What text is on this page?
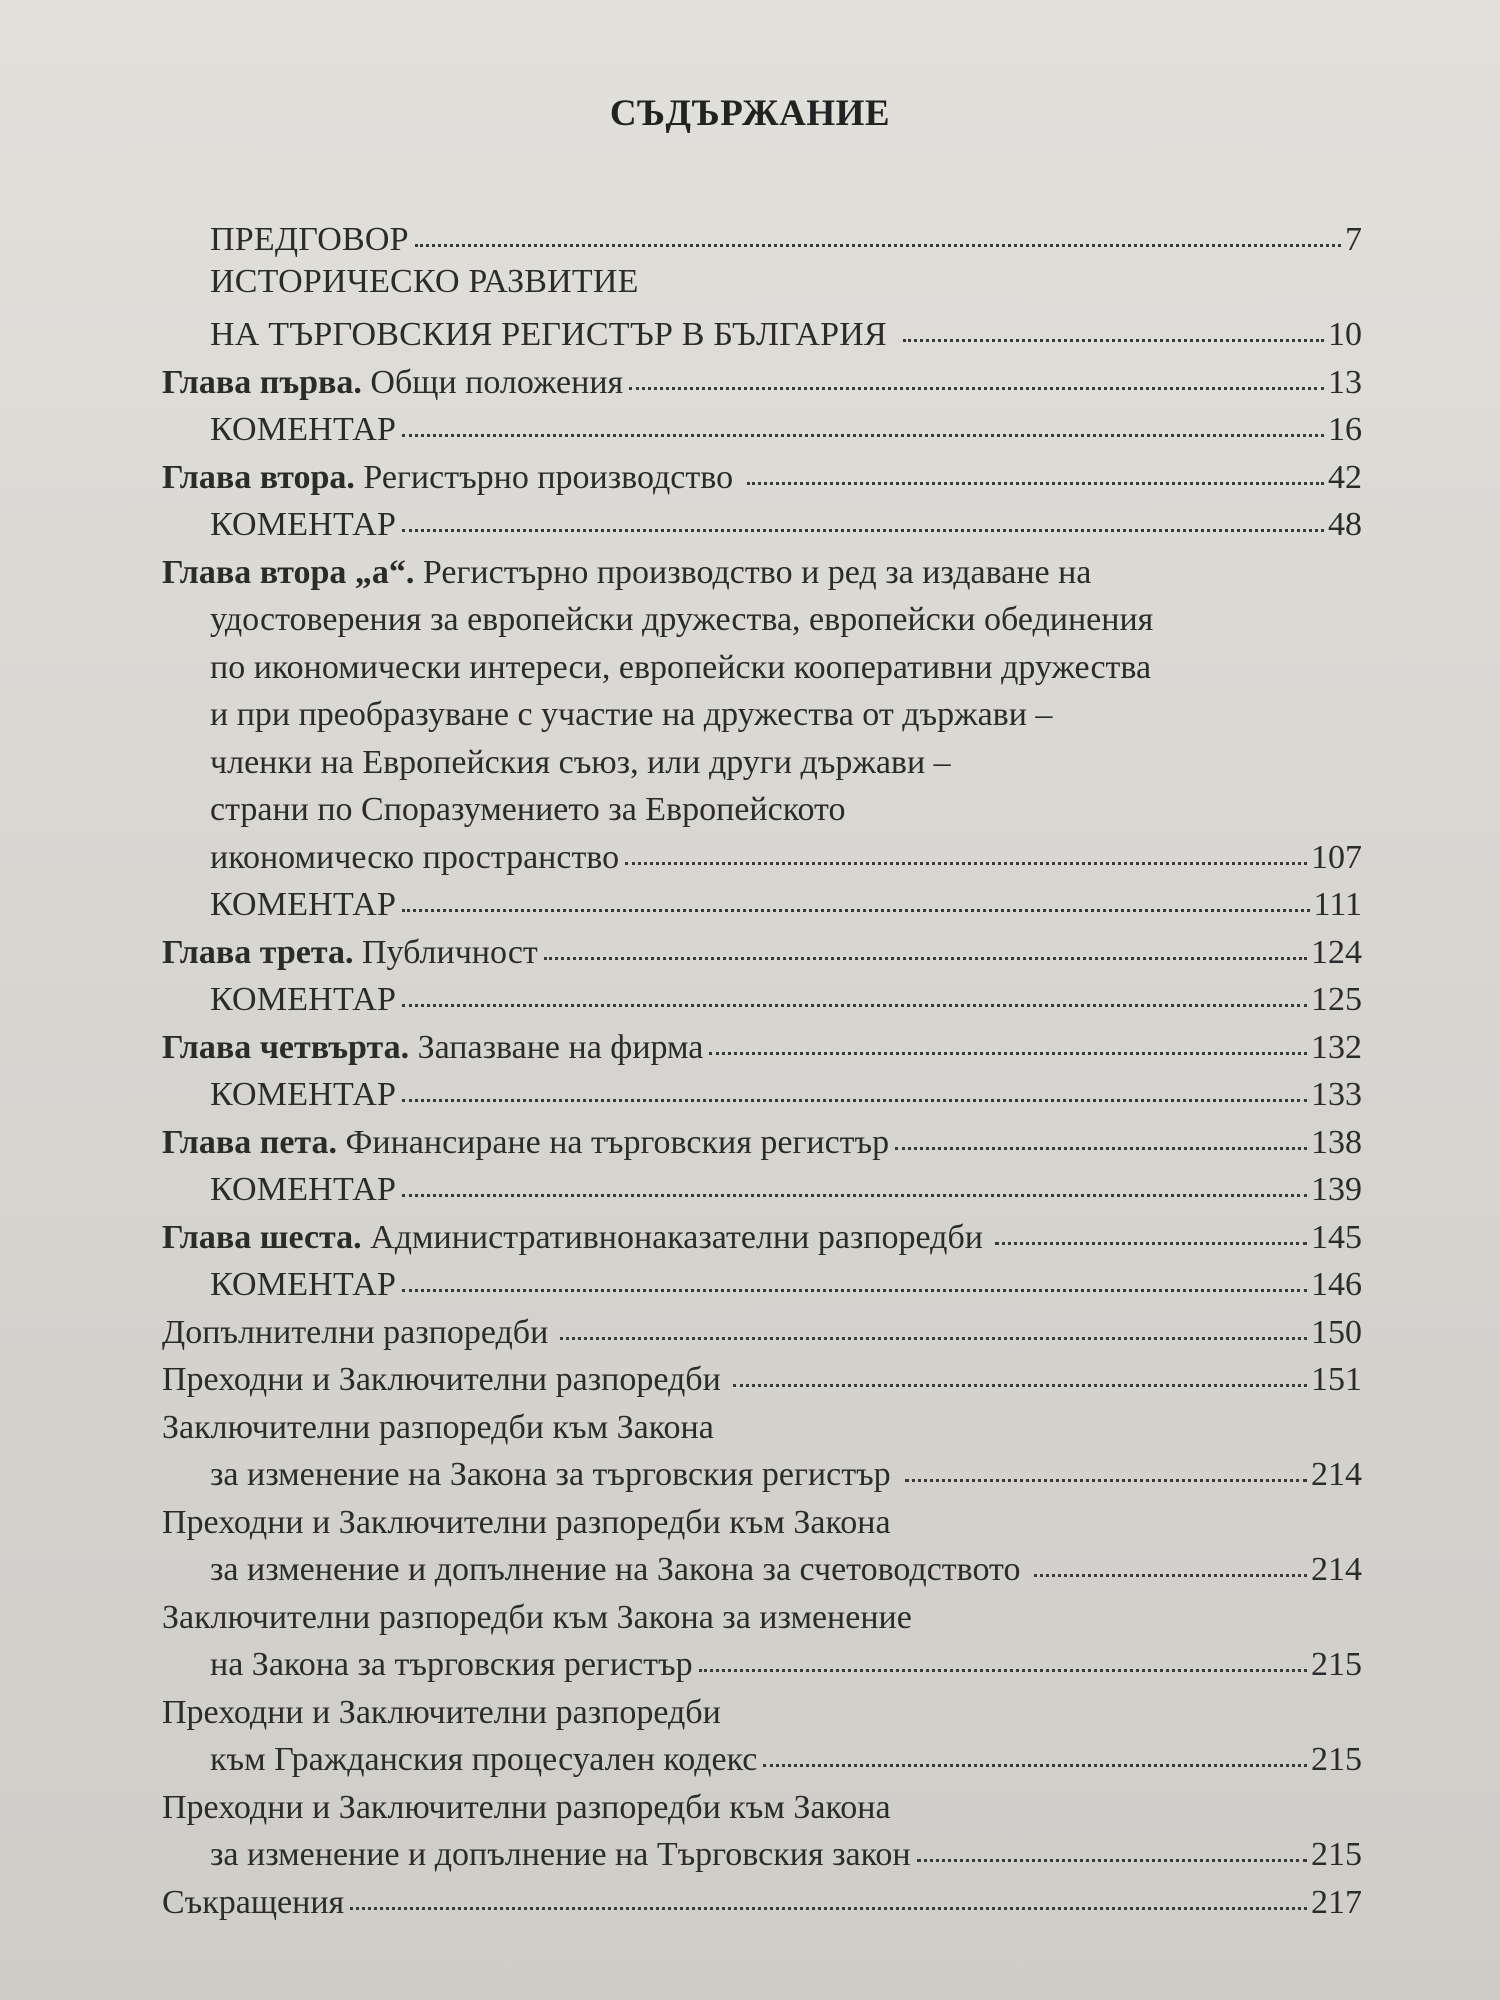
СЪДЪРЖАНИЕ
ПРЕДГОВОР	7
ИСТОРИЧЕСКО РАЗВИТИЕ
НА ТЪРГОВСКИЯ РЕГИСТЪР В БЪЛГАРИЯ	10
Глава първа. Общи положения	13
КОМЕНТАР	16
Глава втора. Регистърно производство	42
КОМЕНТАР	48
Глава втора „а“. Регистърно производство и ред за издаване на
удостоверения за европейски дружества, европейски обединения
по икономически интереси, европейски кооперативни дружества
и при преобразуване с участие на дружества от държави –
членки на Европейския съюз, или други държави –
страни по Споразумението за Европейското
икономическо пространство	107
КОМЕНТАР	111
Глава трета. Публичност	124
КОМЕНТАР	125
Глава четвърта. Запазване на фирма	132
КОМЕНТАР	133
Глава пета. Финансиране на търговския регистър	138
КОМЕНТАР	139
Глава шеста. Административнонаказателни разпоредби	145
КОМЕНТАР	146
Допълнителни разпоредби	150
Преходни и Заключителни разпоредби	151
Заключителни разпоредби към Закона
за изменение на Закона за търговския регистър	214
Преходни и Заключителни разпоредби към Закона
за изменение и допълнение на Закона за счетоводството	214
Заключителни разпоредби към Закона за изменение
на Закона за търговския регистър	215
Преходни и Заключителни разпоредби
към Гражданския процесуален кодекс	215
Преходни и Заключителни разпоредби към Закона
за изменение и допълнение на Търговския закон	215
Съкращения	217
